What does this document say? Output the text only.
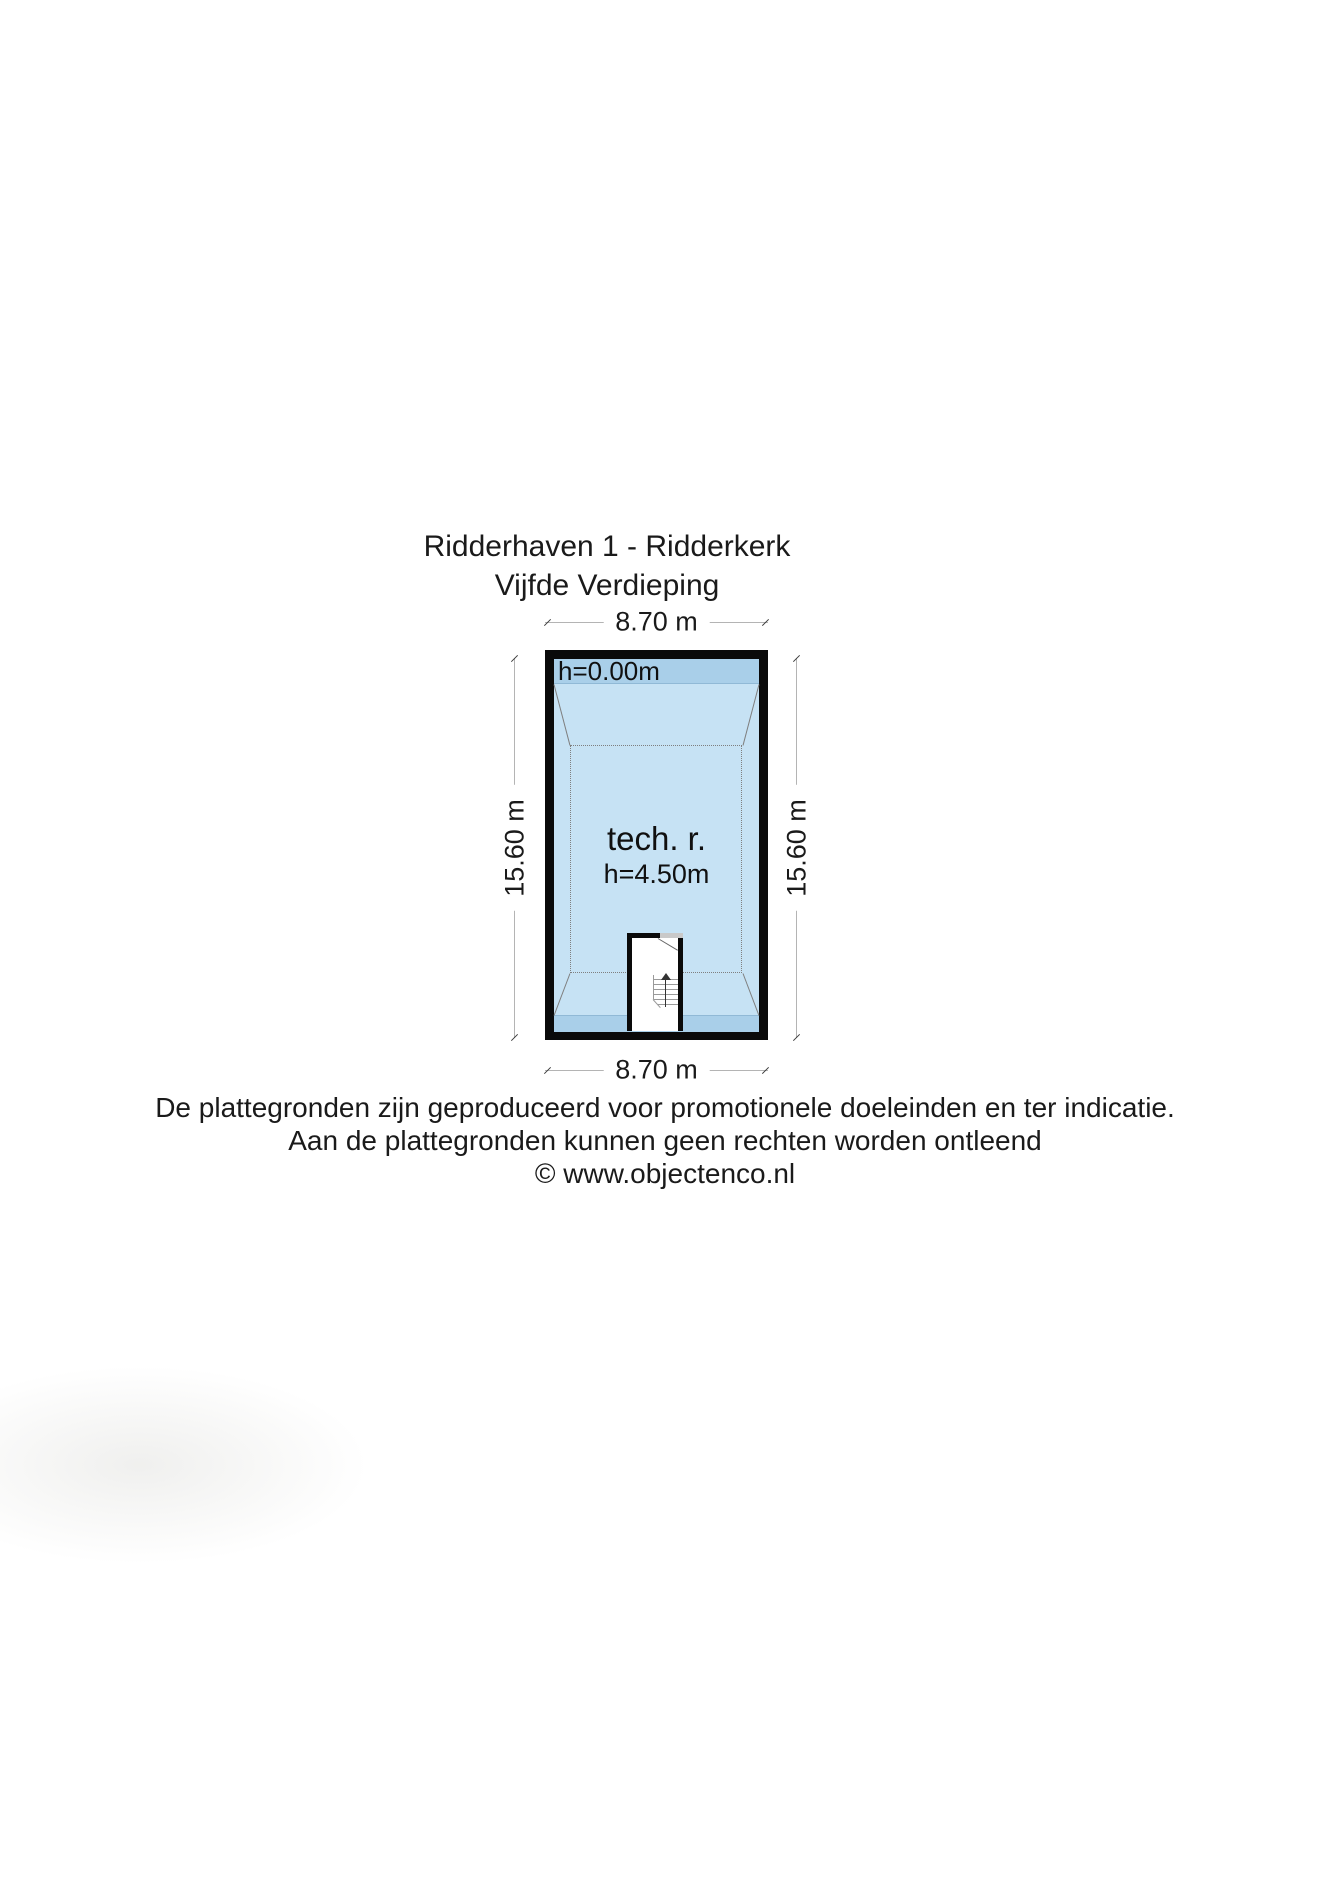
Ridderhaven 1 - Ridderkerk
Vijfde Verdieping
8.70 m
15.60 m	15.60 m
h=0.00m
tech. r.
h=4.50m
8.70 m
De plattegronden zijn geproduceerd voor promotionele doeleinden en ter indicatie.
Aan de plattegronden kunnen geen rechten worden ontleend
© www.objectenco.nl
